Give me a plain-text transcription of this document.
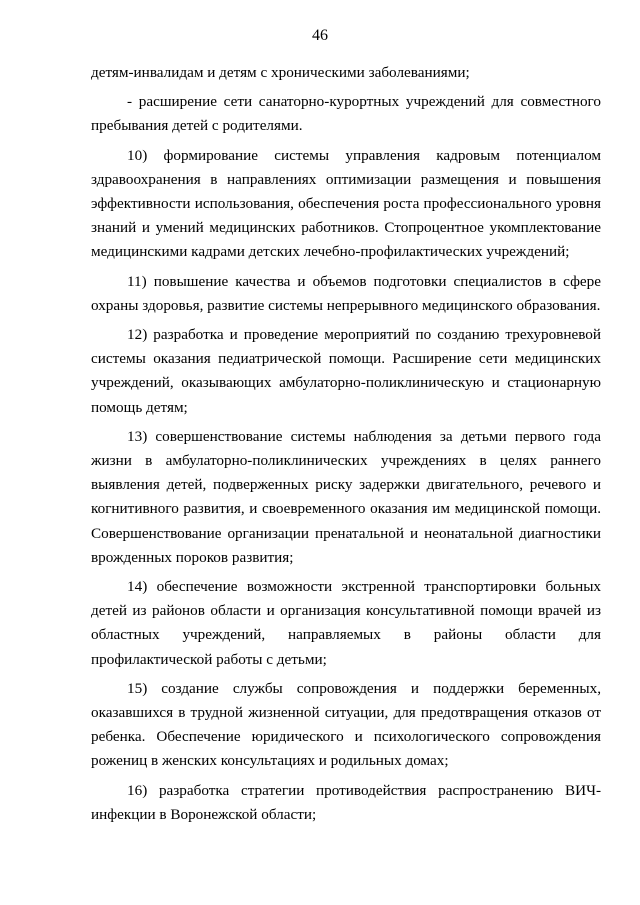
46

детям-инвалидам и детям с хроническими заболеваниями;

- расширение сети санаторно-курортных учреждений для совместного пребывания детей с родителями.

10) формирование системы управления кадровым потенциалом здравоохранения в направлениях оптимизации размещения и повышения эффективности использования, обеспечения роста профессионального уровня знаний и умений медицинских работников. Стопроцентное укомплектование медицинскими кадрами детских лечебно-профилактических учреждений;

11) повышение качества и объемов подготовки специалистов в сфере охраны здоровья, развитие системы непрерывного медицинского образования.

12) разработка и проведение мероприятий по созданию трехуровневой системы оказания педиатрической помощи. Расширение сети медицинских учреждений, оказывающих амбулаторно-поликлиническую и стационарную помощь детям;

13) совершенствование системы наблюдения за детьми первого года жизни в амбулаторно-поликлинических учреждениях в целях раннего выявления детей, подверженных риску задержки двигательного, речевого и когнитивного развития, и своевременного оказания им медицинской помощи. Совершенствование организации пренатальной и неонатальной диагностики врожденных пороков развития;

14) обеспечение возможности экстренной транспортировки больных детей из районов области и организация консультативной помощи врачей из областных учреждений, направляемых в районы области для профилактической работы с детьми;

15) создание службы сопровождения и поддержки беременных, оказавшихся в трудной жизненной ситуации, для предотвращения отказов от ребенка. Обеспечение юридического и психологического сопровождения рожениц в женских консультациях и родильных домах;

16) разработка стратегии противодействия распространению ВИЧ-инфекции в Воронежской области;
